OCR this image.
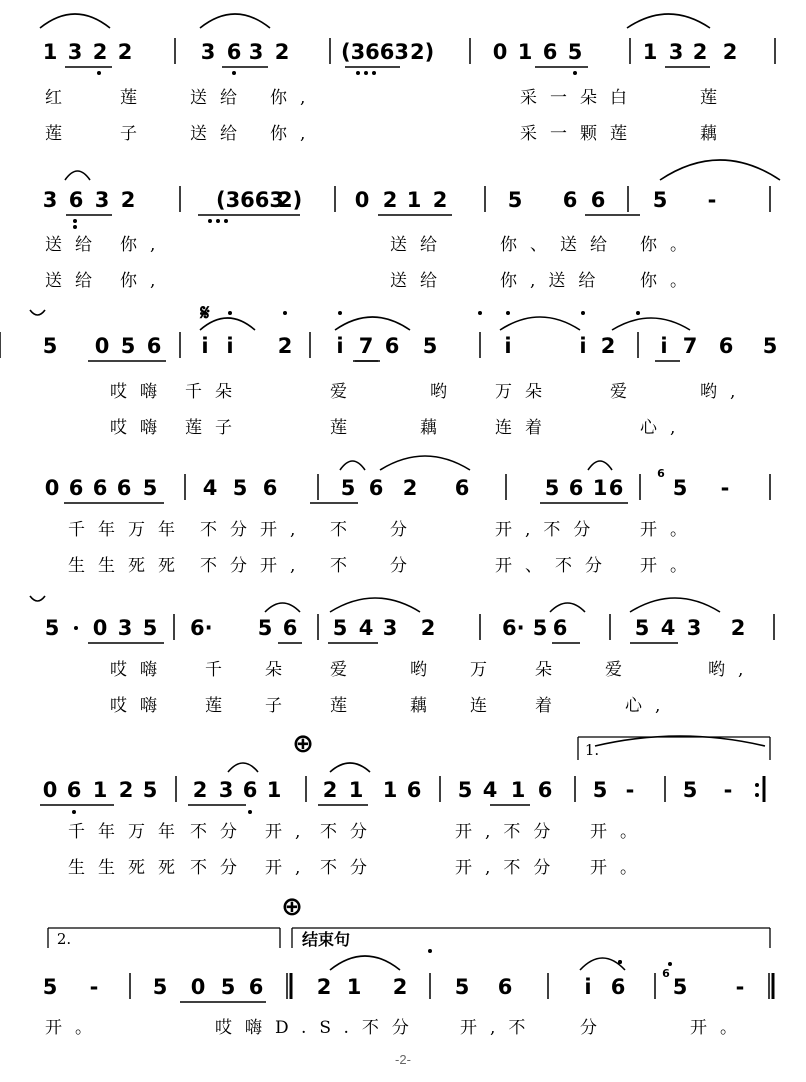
𝄋
⊕
⊕
1.
2.	结束句
6
6
-2-
1 3 2 2	3 6 3 2 (3663 2)	0 1 6 5	1 3 2 2
红	莲 送给	你,	采一朵白	莲
莲	子 送给	你,	采一颗莲	藕
3 6 3 2	(3663
2) 0 2 1 2	5 6 6 5 -
送给 你,	送给	你、送给 你。
送给 你,	送给	你,送给	你。
5 0 5 6	i i	2	i 7 6 5	i	i 2	i 7 6 5
哎嗨 千朵	爱	哟 万朵	爱	哟,
哎嗨 莲子	莲	藕	连着	心,
0 6 6 6 5 4 5 6	5 6 2 6	5 6 1 6 5 -
千年万年 不分开,	不 分	开,不分	开。
生生死死 不分开,	不 分	开、不分 开。
5 0 3 5 6· 5 6 5 4 3 2	6· 5 6	5 4 3 2
哎嗨 千 朵 爱	哟 万 朵 爱	哟,
哎嗨 莲 子 莲	藕 连 着	心,
0 6 1 2 5 2 3 6 1 2 1 1 6 5 4 1 6 5 - 5 -
千年万年 不分 开, 不分	开,不分 开。
生生死死 不分 开, 不分	开,不分 开。
5 -	5 0 5 6	2 1 2 5 6	i 6 5 -
开。	哎嗨D.S.不分	开,不 分	开。
